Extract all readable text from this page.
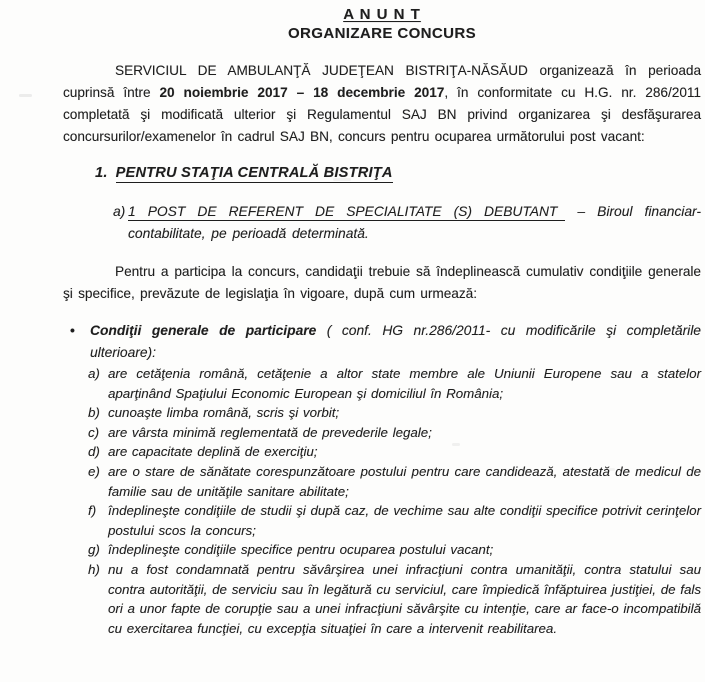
A N U N T
ORGANIZARE CONCURS

SERVICIUL DE AMBULANŢĂ JUDEŢEAN BISTRIŢA-NĂSĂUD organizează în perioada cuprinsă între 20 noiembrie 2017 – 18 decembrie 2017, în conformitate cu H.G. nr. 286/2011 completată şi modificată ulterior şi Regulamentul SAJ BN privind organizarea şi desfăşurarea concursurilor/examenelor în cadrul SAJ BN, concurs pentru ocuparea următorului post vacant:

1. PENTRU STAŢIA CENTRALĂ BISTRIŢA
a) 1 POST DE REFERENT DE SPECIALITATE (S) DEBUTANT – Biroul financiar-contabilitate, pe perioadă determinată.

Pentru a participa la concurs, candidaţii trebuie să îndeplinească cumulativ condiţiile generale şi specifice, prevăzute de legislaţia în vigoare, după cum urmează:

•	Condiţii generale de participare ( conf. HG nr.286/2011- cu modificările şi completările ulterioare):
a) are cetăţenia română, cetăţenie a altor state membre ale Uniunii Europene sau a statelor aparţinând Spaţiului Economic European şi domiciliul în România;
b) cunoaşte limba română, scris şi vorbit;
c) are vârsta minimă reglementată de prevederile legale;
d) are capacitate deplină de exerciţiu;
e) are o stare de sănătate corespunzătoare postului pentru care candidează, atestată de medicul de familie sau de unităţile sanitare abilitate;
f) îndeplineşte condiţiile de studii şi după caz, de vechime sau alte condiţii specifice potrivit cerinţelor postului scos la concurs;
g) îndeplineşte condiţiile specifice pentru ocuparea postului vacant;
h) nu a fost condamnată pentru săvârşirea unei infracţiuni contra umanităţii, contra statului sau contra autorităţii, de serviciu sau în legătură cu serviciul, care împiedică înfăptuirea justiţiei, de fals ori a unor fapte de corupţie sau a unei infracţiuni săvârşite cu intenţie, care ar face-o incompatibilă cu exercitarea funcţiei, cu excepţia situaţiei în care a intervenit reabilitarea.
